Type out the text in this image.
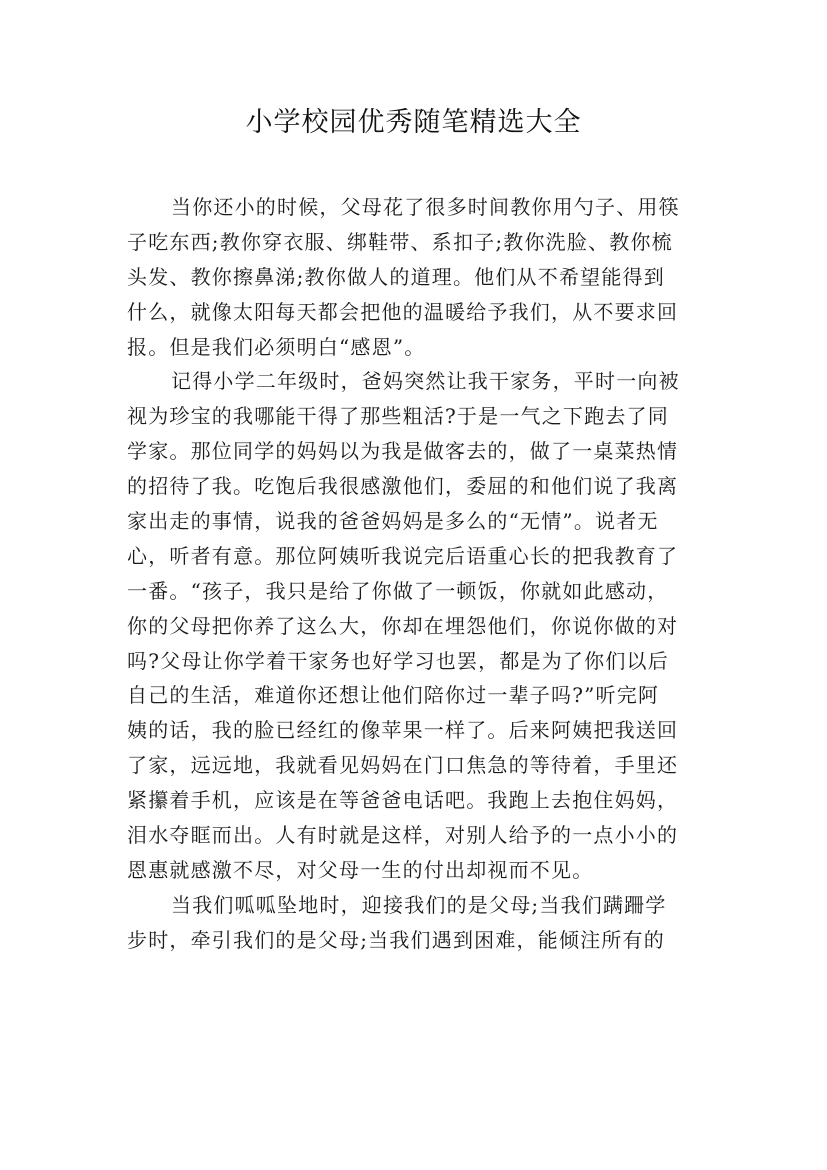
小学校园优秀随笔精选大全
当你还小的时候，父母花了很多时间教你用勺子、用筷
子吃东西;教你穿衣服、绑鞋带、系扣子;教你洗脸、教你梳
头发、教你擦鼻涕;教你做人的道理。他们从不希望能得到
什么，就像太阳每天都会把他的温暖给予我们，从不要求回
报。但是我们必须明白“感恩”。
记得小学二年级时，爸妈突然让我干家务，平时一向被
视为珍宝的我哪能干得了那些粗活?于是一气之下跑去了同
学家。那位同学的妈妈以为我是做客去的，做了一桌菜热情
的招待了我。吃饱后我很感激他们，委屈的和他们说了我离
家出走的事情，说我的爸爸妈妈是多么的“无情”。说者无
心，听者有意。那位阿姨听我说完后语重心长的把我教育了
一番。“孩子，我只是给了你做了一顿饭，你就如此感动，
你的父母把你养了这么大，你却在埋怨他们，你说你做的对
吗?父母让你学着干家务也好学习也罢，都是为了你们以后
自己的生活，难道你还想让他们陪你过一辈子吗?”听完阿
姨的话，我的脸已经红的像苹果一样了。后来阿姨把我送回
了家，远远地，我就看见妈妈在门口焦急的等待着，手里还
紧攥着手机，应该是在等爸爸电话吧。我跑上去抱住妈妈，
泪水夺眶而出。人有时就是这样，对别人给予的一点小小的
恩惠就感激不尽，对父母一生的付出却视而不见。
当我们呱呱坠地时，迎接我们的是父母;当我们蹒跚学
步时，牵引我们的是父母;当我们遇到困难，能倾注所有的
